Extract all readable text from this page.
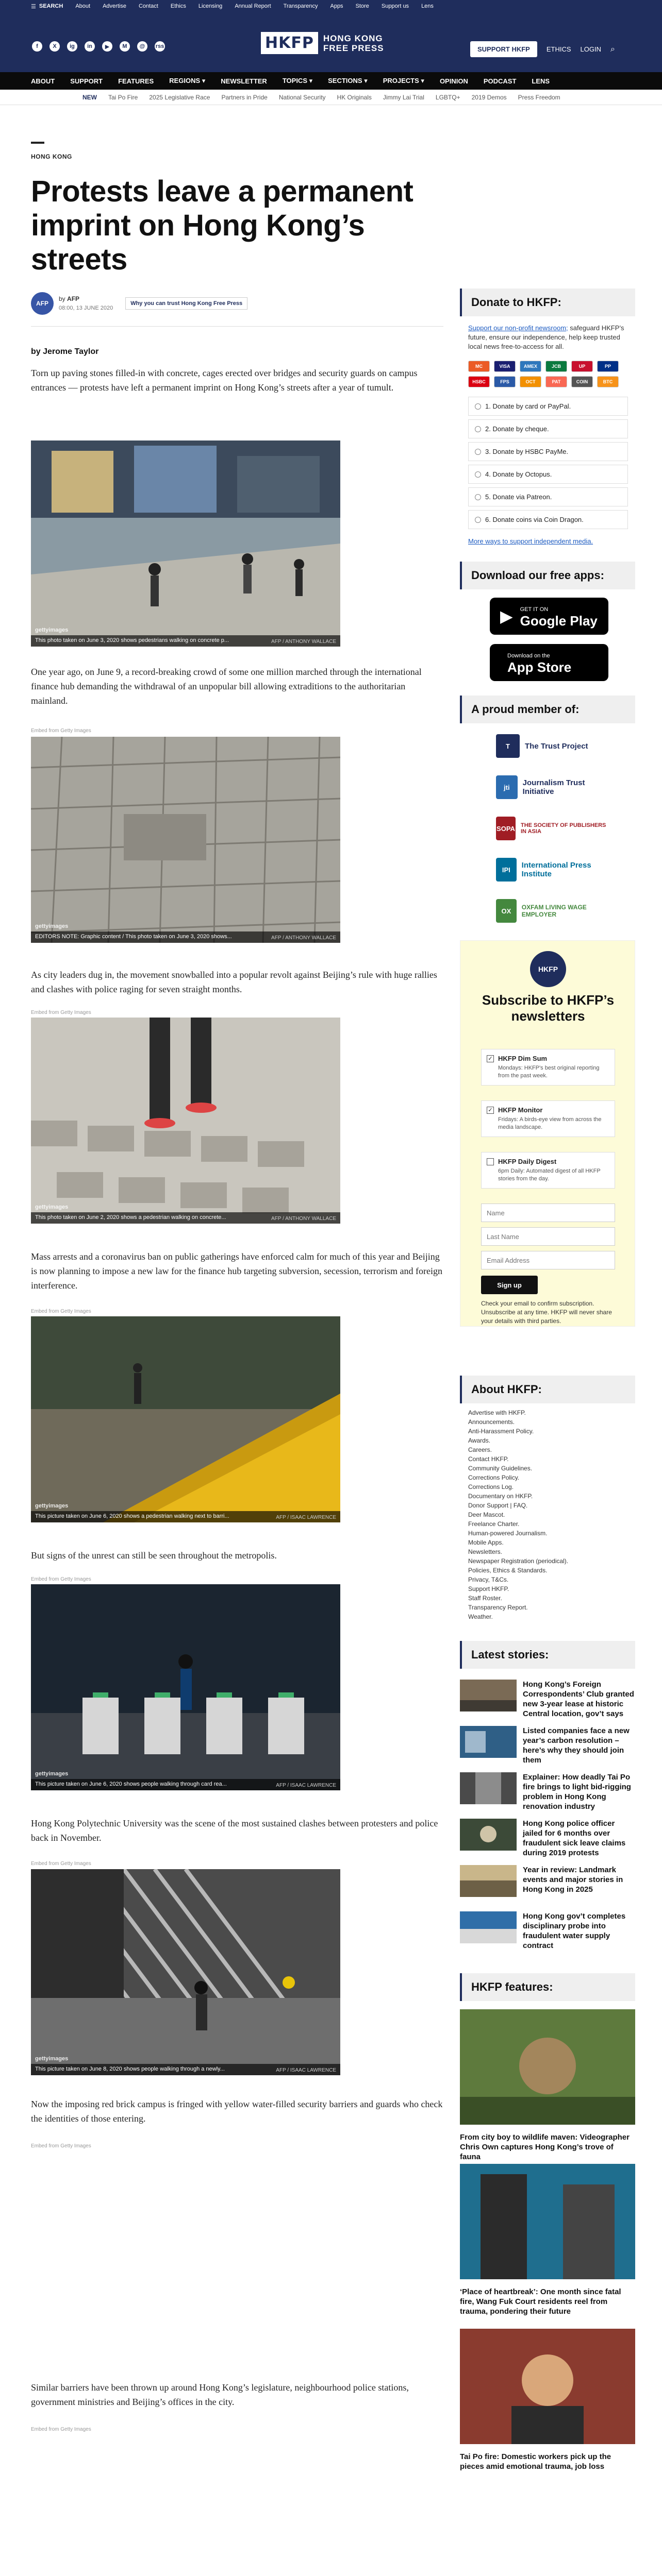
☰ SEARCH About Advertise Contact Ethics Licensing Annual Report Transparency Apps Store Support us Lens
f	X	ig	in	▶	M	@	rss	HKFP	HONG KONG
FREE PRESS	SUPPORT HKFP	ETHICS LOGIN ⌕
ABOUT SUPPORT FEATURES REGIONS ▾ NEWSLETTER TOPICS ▾ SECTIONS ▾ PROJECTS ▾ OPINION PODCAST LENS
NEW Tai Po Fire 2025 Legislative Race Partners in Pride National Security HK Originals Jimmy Lai Trial LGBTQ+ 2019 Demos Press Freedom
HONG KONG
Protests leave a permanent imprint on Hong Kong’s streets
AFP
by AFP
08:00, 13 JUNE 2020
Why you can trust Hong Kong Free Press
by Jerome Taylor

Torn up paving stones filled-in with concrete, cages erected over bridges and security guards on campus entrances — protests have left a permanent imprint on Hong Kong’s streets after a year of tumult.

gettyimages
This photo taken on June 3, 2020 shows pedestrians walking on concrete p...	AFP / ANTHONY WALLACE

One year ago, on June 9, a record-breaking crowd of some one million marched through the international finance hub demanding the withdrawal of an unpopular bill allowing extraditions to the authoritarian mainland.

Embed from Getty Images
gettyimages
EDITORS NOTE: Graphic content / This photo taken on June 3, 2020 shows...	AFP / ANTHONY WALLACE

As city leaders dug in, the movement snowballed into a popular revolt against Beijing’s rule with huge rallies and clashes with police raging for seven straight months.

Embed from Getty Images
gettyimages
This photo taken on June 2, 2020 shows a pedestrian walking on concrete...	AFP / ANTHONY WALLACE

Mass arrests and a coronavirus ban on public gatherings have enforced calm for much of this year and Beijing is now planning to impose a new law for the finance hub targeting subversion, secession, terrorism and foreign interference.

Embed from Getty Images
gettyimages
This picture taken on June 6, 2020 shows a pedestrian walking next to barri...	AFP / ISAAC LAWRENCE

But signs of the unrest can still be seen throughout the metropolis.

Embed from Getty Images
gettyimages
This picture taken on June 6, 2020 shows people walking through card rea...	AFP / ISAAC LAWRENCE

Hong Kong Polytechnic University was the scene of the most sustained clashes between protesters and police back in November.

Embed from Getty Images
gettyimages
This picture taken on June 8, 2020 shows people walking through a newly...	AFP / ISAAC LAWRENCE

Now the imposing red brick campus is fringed with yellow water-filled security barriers and guards who check the identities of those entering.

Embed from Getty Images

Similar barriers have been thrown up around Hong Kong’s legislature, neighbourhood police stations, government ministries and Beijing’s offices in the city.

Embed from Getty Images

Donate to HKFP:

Support our non-profit newsroom; safeguard HKFP’s future, ensure our independence, help keep trusted local news free-to-access for all.

MC	VISA	AMEX	JCB	UP	PP
HSBC	FPS	OCT	PAT	COIN	BTC
1. Donate by card or PayPal.
2. Donate by cheque.
3. Donate by HSBC PayMe.
4. Donate by Octopus.
5. Donate via Patreon.
6. Donate coins via Coin Dragon.
More ways to support independent media.
Download our free apps:
▶ GET IT ON
Google Play
Download on the
App Store
A proud member of:
T	The Trust Project
jti	Journalism Trust Initiative
SOPA THE SOCIETY OF PUBLISHERS IN ASIA
IPI	International Press Institute
OX	OXFAM LIVING WAGE EMPLOYER
HKFP
Subscribe to HKFP’s newsletters
✓ HKFP Dim Sum
Mondays: HKFP's best original reporting from the past week.
✓ HKFP Monitor
Fridays: A birds-eye view from across the media landscape.
HKFP Daily Digest
6pm Daily: Automated digest of all HKFP stories from the day.
Name
Last Name
Email Address
Sign up

Check your email to confirm subscription. Unsubscribe at any time. HKFP will never share your details with third parties.

About HKFP:
Advertise with HKFP.
Announcements.
Anti-Harassment Policy.
Awards.
Careers.
Contact HKFP.
Community Guidelines.
Corrections Policy.
Corrections Log.
Documentary on HKFP.
Donor Support | FAQ.
Deer Mascot.
Freelance Charter.
Human-powered Journalism.
Mobile Apps.
Newsletters.
Newspaper Registration (periodical).
Policies, Ethics & Standards.
Privacy, T&Cs.
Support HKFP.
Staff Roster.
Transparency Report.
Weather.
Latest stories:
Hong Kong’s Foreign Correspondents’ Club granted new 3-year lease at historic Central location, gov’t says
Listed companies face a new year’s carbon resolution – here’s why they should join them
Explainer: How deadly Tai Po fire brings to light bid-rigging problem in Hong Kong renovation industry
Hong Kong police officer jailed for 6 months over fraudulent sick leave claims during 2019 protests
Year in review: Landmark events and major stories in Hong Kong in 2025
Hong Kong gov’t completes disciplinary probe into fraudulent water supply contract
HKFP features:
From city boy to wildlife maven: Videographer Chris Own captures Hong Kong’s trove of fauna
‘Place of heartbreak’: One month since fatal fire, Wang Fuk Court residents reel from trauma, pondering their future
Tai Po fire: Domestic workers pick up the pieces amid emotional trauma, job loss
